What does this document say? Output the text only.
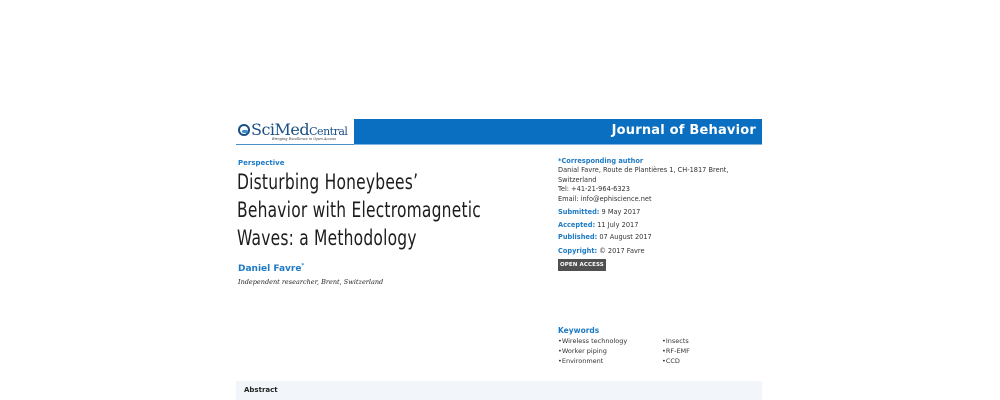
SciMedCentral
Bringing Excellence in Open Access
Journal of Behavior
Perspective
Disturbing Honeybees’
Behavior with Electromagnetic
Waves: a Methodology
Daniel Favre*
Independent researcher, Brent, Switzerland
*Corresponding author
Danial Favre, Route de Plantières 1, CH-1817 Brent,
Switzerland
Tel: +41-21-964-6323
Email: info@ephiscience.net
Submitted: 9 May 2017
Accepted: 11 July 2017
Published: 07 August 2017
Copyright: © 2017 Favre
OPEN ACCESS
Keywords
• Wireless technology	• Insects
• Worker piping	• RF-EMF
• Environment	• CCD
Abstract
